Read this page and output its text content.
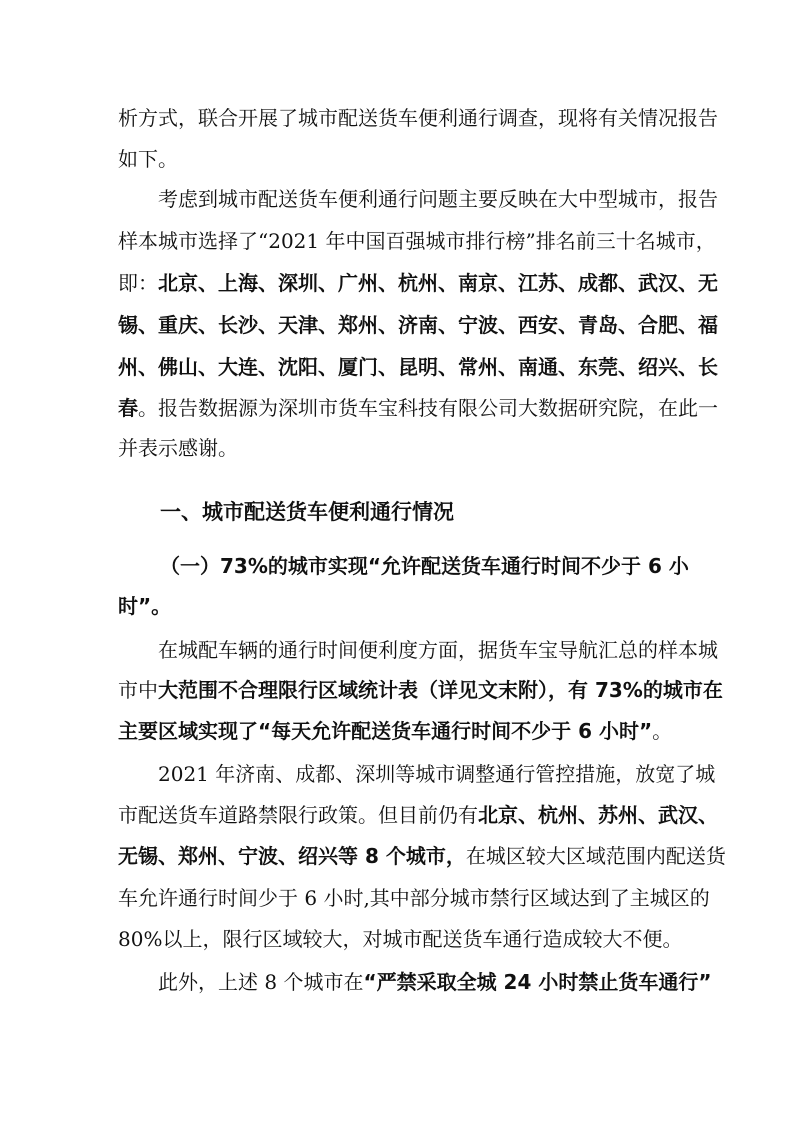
一、城市配送货车便利通行情况
析方式，联合开展了城市配送货车便利通行调查，现将有关情况报告
如下。
考虑到城市配送货车便利通行问题主要反映在大中型城市，报告
样本城市选择了“2021 年中国百强城市排行榜”排名前三十名城市，
即：北京、上海、深圳、广州、杭州、南京、江苏、成都、武汉、无
锡、重庆、长沙、天津、郑州、济南、宁波、西安、青岛、合肥、福
州、佛山、大连、沈阳、厦门、昆明、常州、南通、东莞、绍兴、长
春。报告数据源为深圳市货车宝科技有限公司大数据研究院，在此一
并表示感谢。
（一）73%的城市实现“允许配送货车通行时间不少于 6 小
时”。
在城配车辆的通行时间便利度方面，据货车宝导航汇总的样本城
市中大范围不合理限行区域统计表（详见文末附），有 73%的城市在
主要区域实现了“每天允许配送货车通行时间不少于 6 小时”。
2021 年济南、成都、深圳等城市调整通行管控措施，放宽了城
市配送货车道路禁限行政策。但目前仍有北京、杭州、苏州、武汉、
无锡、郑州、宁波、绍兴等 8 个城市，在城区较大区域范围内配送货
车允许通行时间少于 6 小时,其中部分城市禁行区域达到了主城区的
80%以上，限行区域较大，对城市配送货车通行造成较大不便。
此外，上述 8 个城市在“严禁采取全城 24 小时禁止货车通行”
